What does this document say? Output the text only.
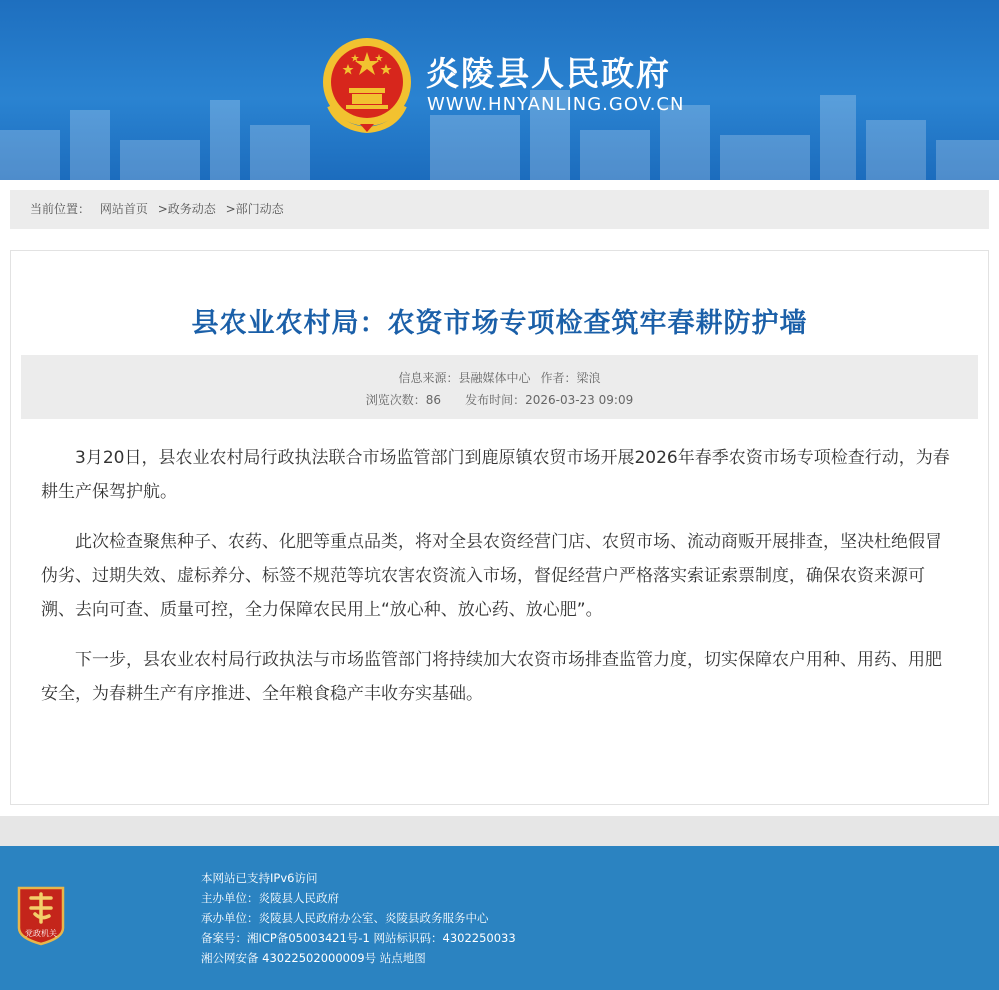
炎陵县人民政府
WWW.HNYANLING.GOV.CN
当前位置： 网站首页 >政务动态 >部门动态
县农业农村局：农资市场专项检查筑牢春耕防护墙
信息来源：县融媒体中心 作者：梁浪
浏览次数：86 发布时间：2026-03-23 09:09

3月20日，县农业农村局行政执法联合市场监管部门到鹿原镇农贸市场开展2026年春季农资市场专项检查行动，为春耕生产保驾护航。

此次检查聚焦种子、农药、化肥等重点品类，将对全县农资经营门店、农贸市场、流动商贩开展排查，坚决杜绝假冒伪劣、过期失效、虚标养分、标签不规范等坑农害农资流入市场，督促经营户严格落实索证索票制度，确保农资来源可溯、去向可查、质量可控，全力保障农民用上“放心种、放心药、放心肥”。

下一步，县农业农村局行政执法与市场监管部门将持续加大农资市场排查监管力度，切实保障农户用种、用药、用肥安全，为春耕生产有序推进、全年粮食稳产丰收夯实基础。

党政机关
本网站已支持IPv6访问
主办单位：炎陵县人民政府
承办单位：炎陵县人民政府办公室、炎陵县政务服务中心
备案号：湘ICP备05003421号-1 网站标识码：4302250033
湘公网安备 43022502000009号 站点地图
